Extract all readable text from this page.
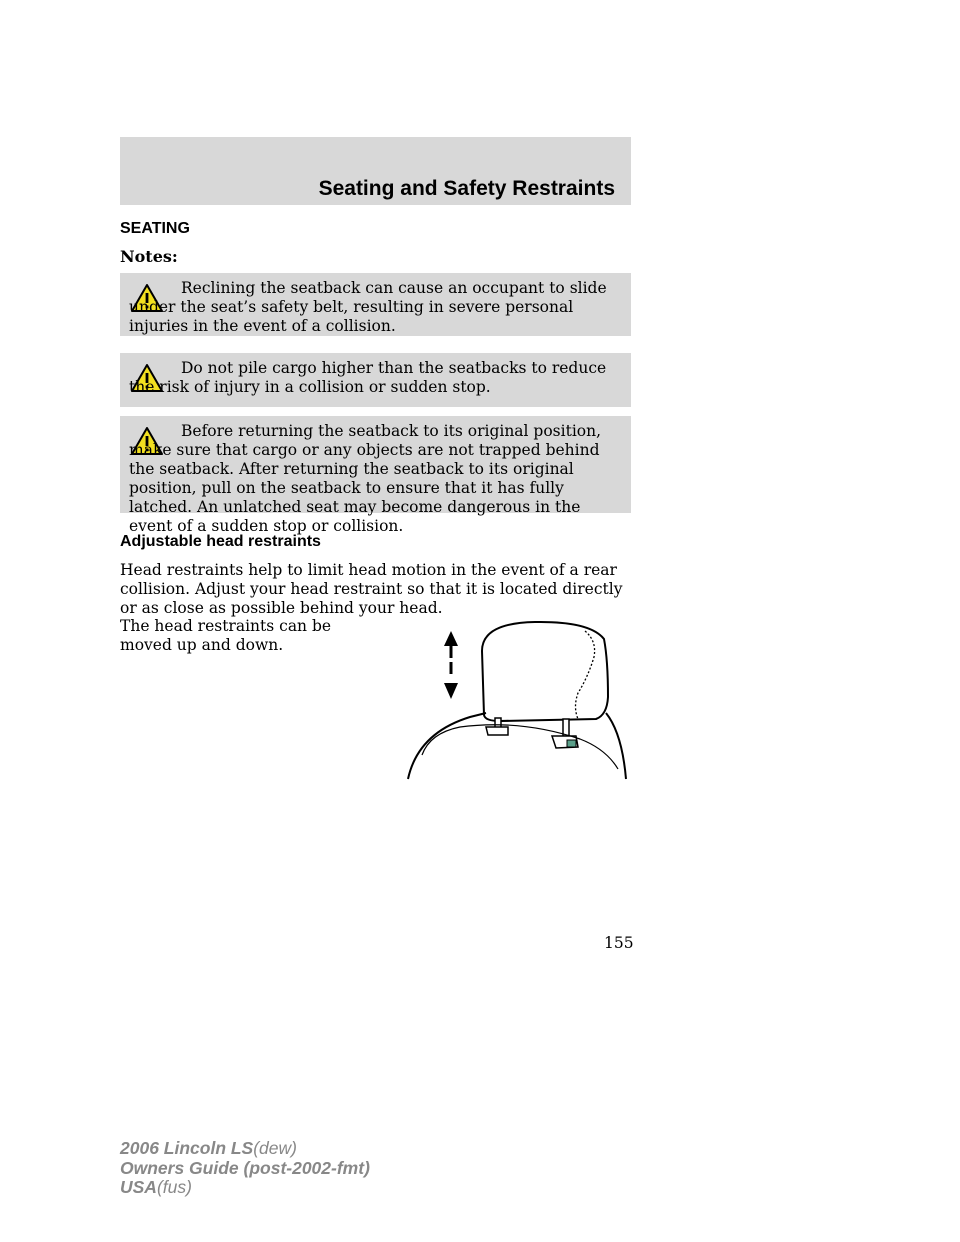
Seating and Safety Restraints
SEATING
Notes:
Reclining the seatback can cause an occupant to slide under the seat’s safety belt, resulting in severe personal injuries in the event of a collision.
Do not pile cargo higher than the seatbacks to reduce the risk of injury in a collision or sudden stop.
Before returning the seatback to its original position, make sure that cargo or any objects are not trapped behind the seatback. After returning the seatback to its original position, pull on the seatback to ensure that it has fully latched. An unlatched seat may become dangerous in the event of a sudden stop or collision.
Adjustable head restraints
Head restraints help to limit head motion in the event of a rear collision. Adjust your head restraint so that it is located directly or as close as possible behind your head.
The head restraints can be moved up and down.
155
2006 Lincoln LS(dew)
Owners Guide (post-2002-fmt)
USA(fus)
